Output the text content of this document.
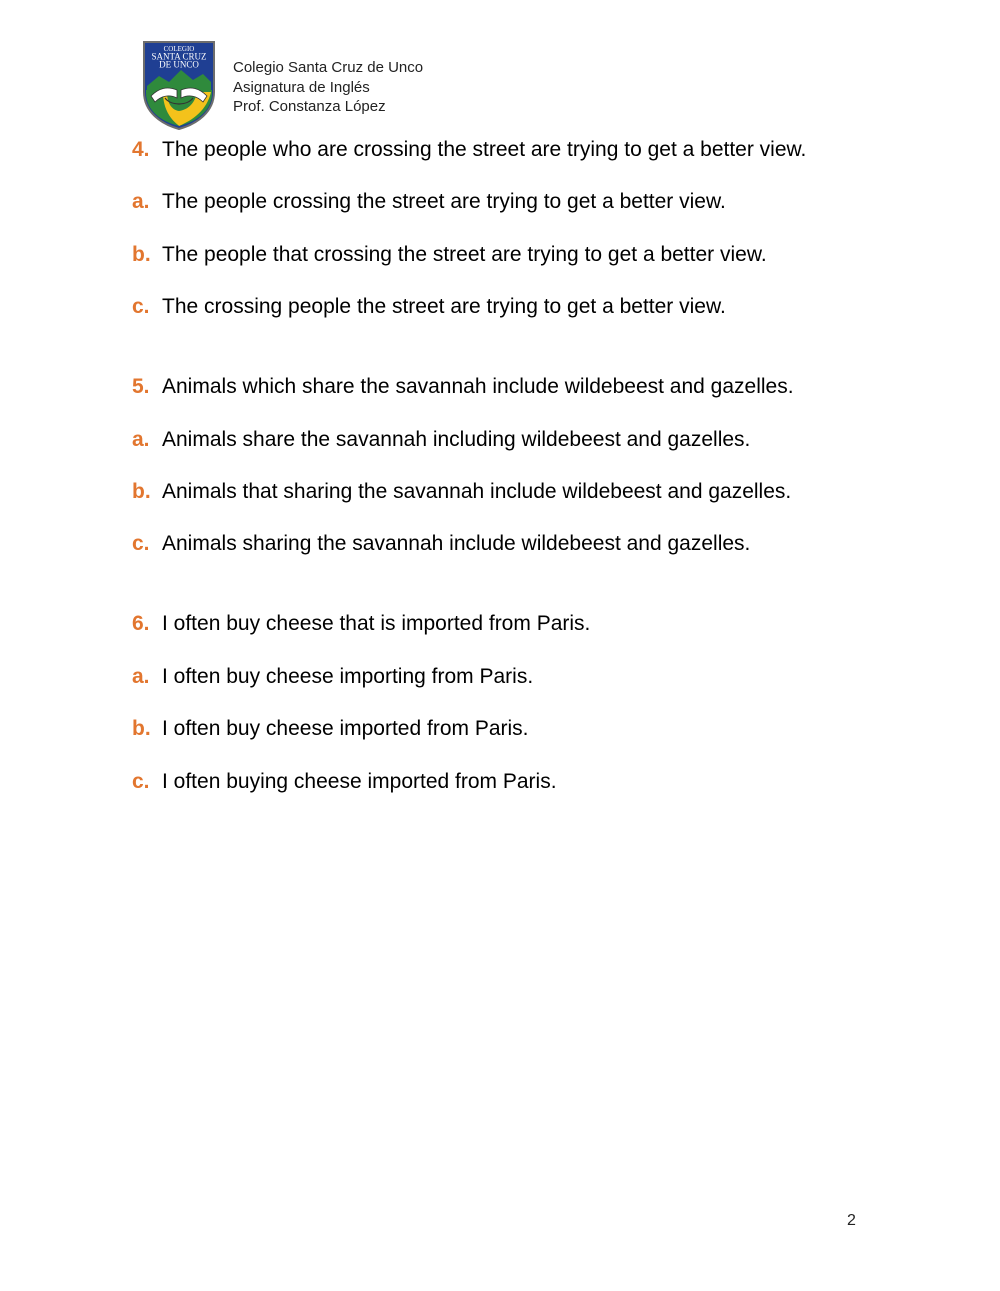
COLEGIO
SANTA CRUZ
DE UNCO Colegio Santa Cruz de Unco
Asignatura de Inglés
Prof. Constanza López
4. The people who are crossing the street are trying to get a better view.
a. The people crossing the street are trying to get a better view.
b. The people that crossing the street are trying to get a better view.
c. The crossing people the street are trying to get a better view.
5. Animals which share the savannah include wildebeest and gazelles.
a. Animals share the savannah including wildebeest and gazelles.
b. Animals that sharing the savannah include wildebeest and gazelles.
c. Animals sharing the savannah include wildebeest and gazelles.
6. I often buy cheese that is imported from Paris.
a. I often buy cheese importing from Paris.
b. I often buy cheese imported from Paris.
c. I often buying cheese imported from Paris.
2
